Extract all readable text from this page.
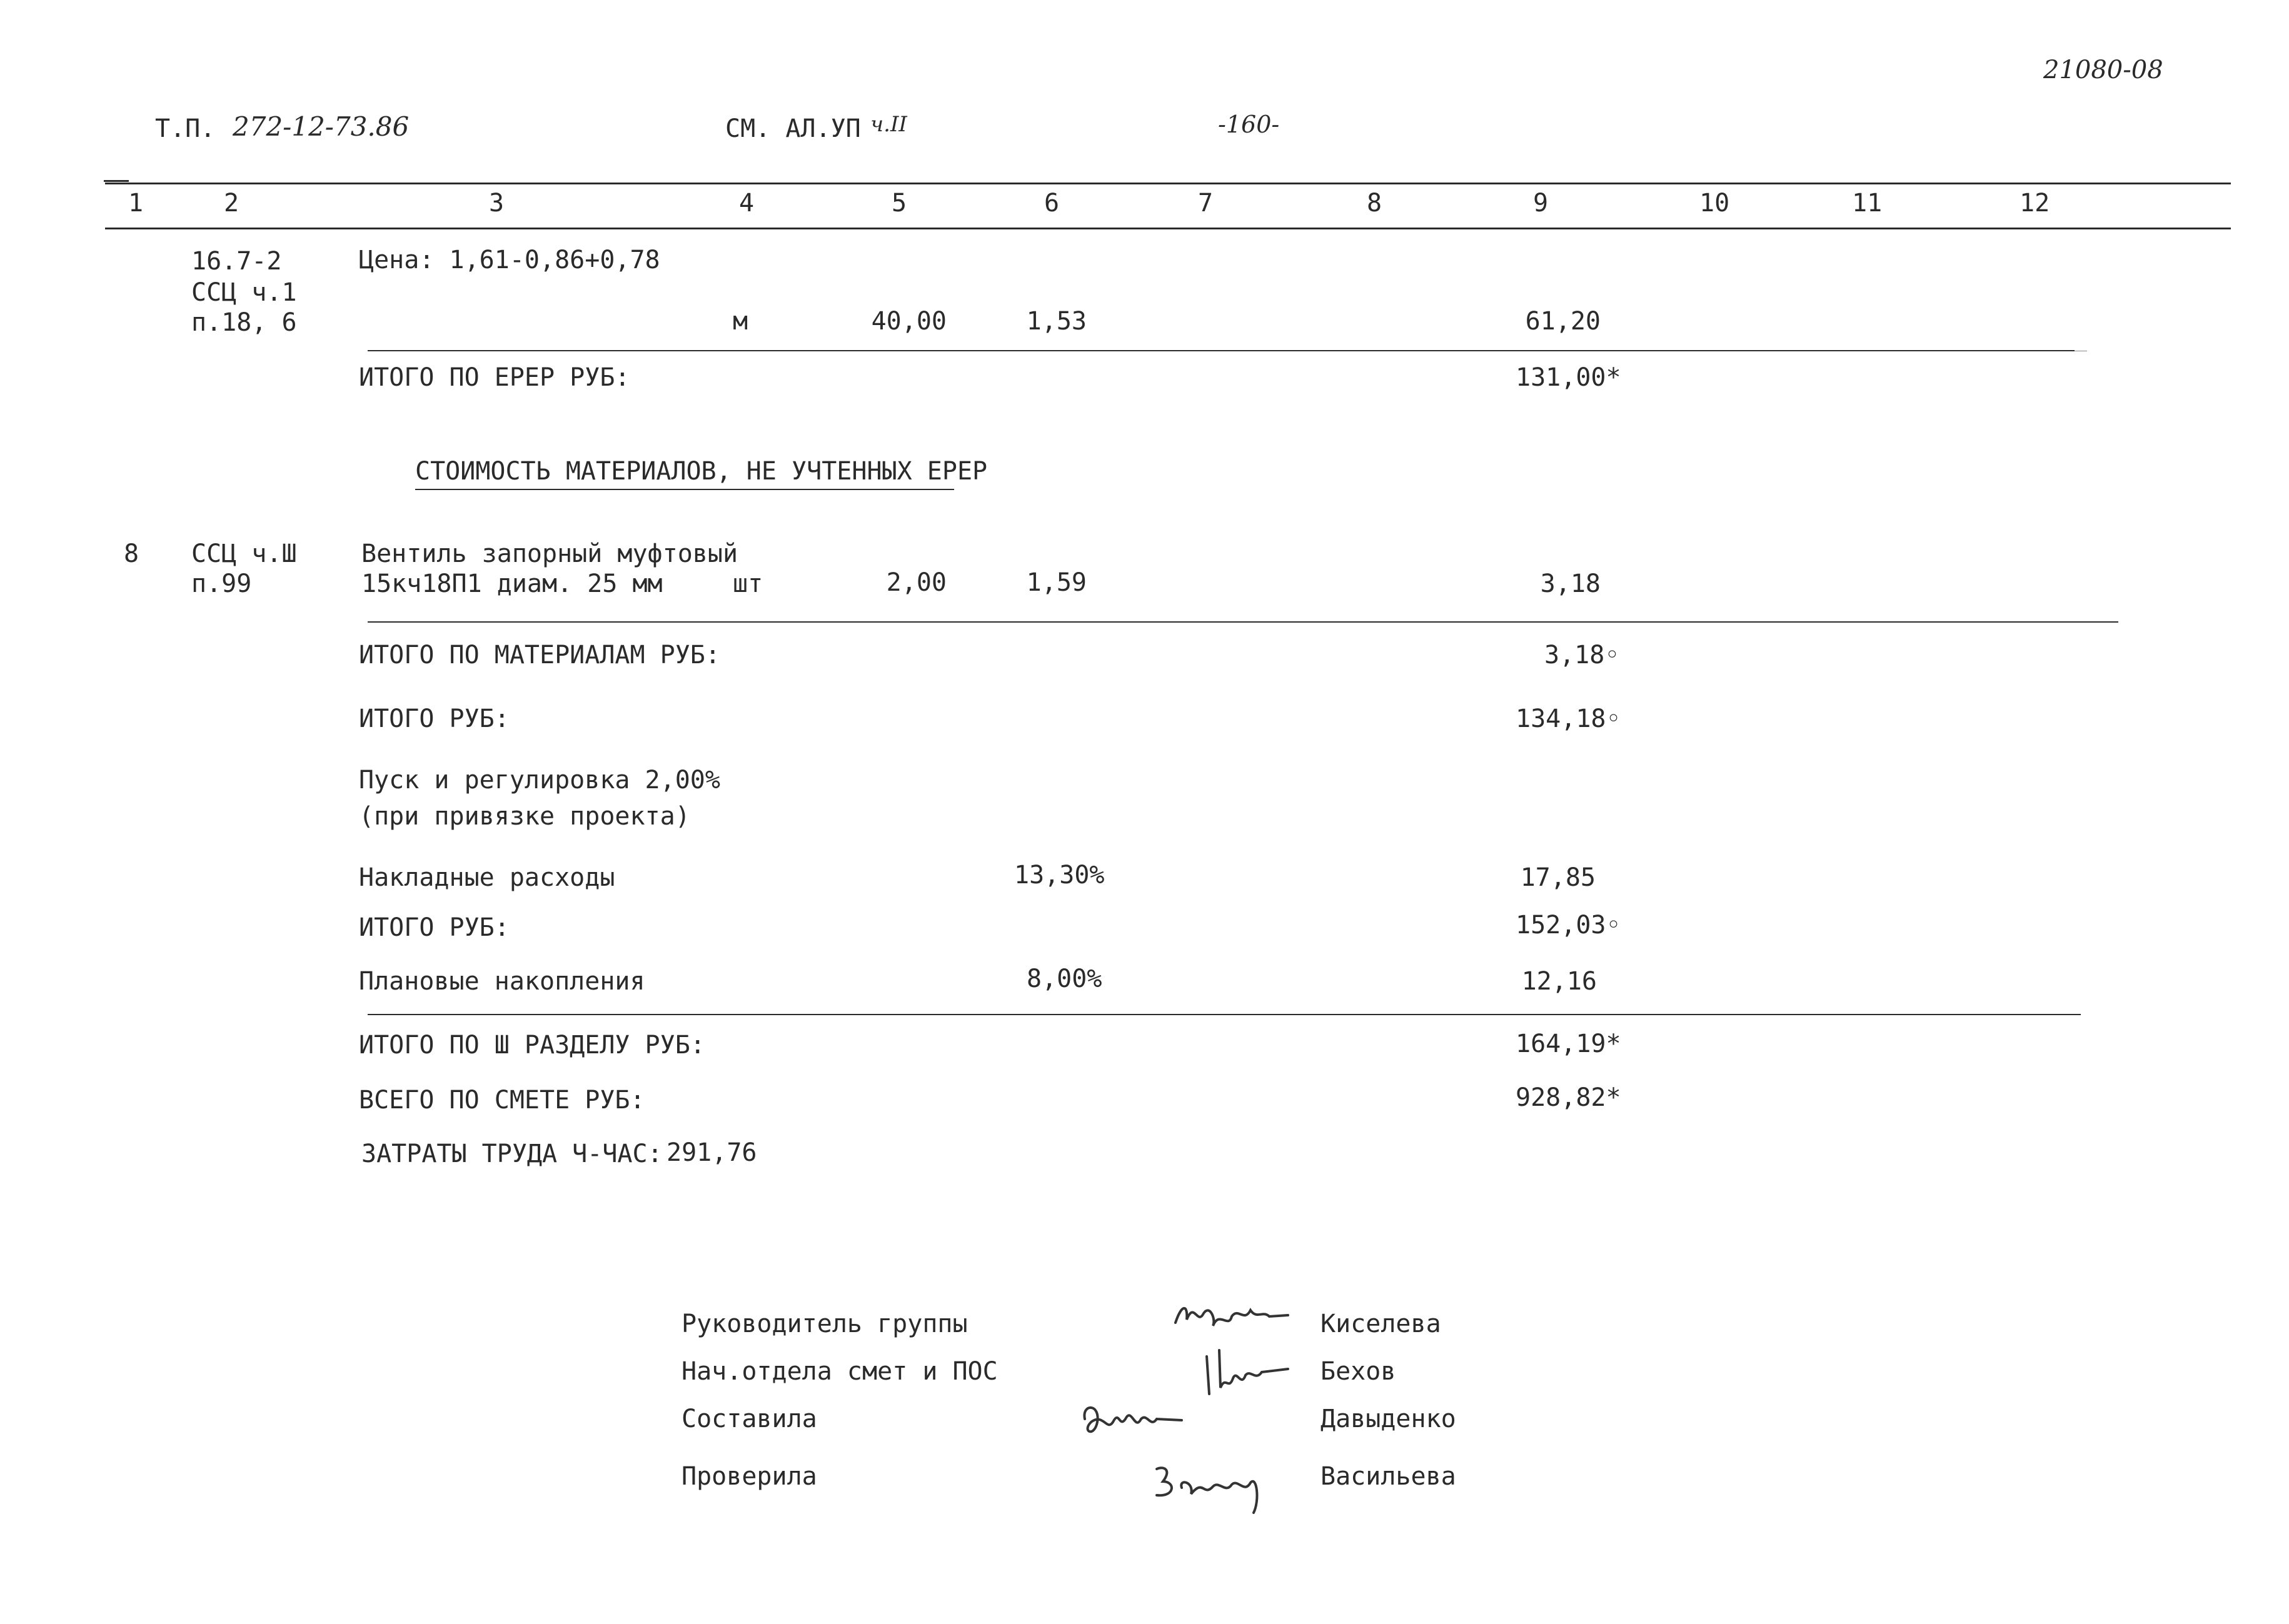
21080-08
Т.П. 272-12-73.86	СМ. АЛ.УП ч.II	-160-
1	2	3	4	5	6	7	8	9	10	11	12
16.7-2
ССЦ ч.1
п.18, 6
Цена: 1,61-0,86+0,78
м	40,00	1,53	61,20
ИТОГО ПО ЕРЕР РУБ:	131,00*
СТОИМОСТЬ МАТЕРИАЛОВ, НЕ УЧТЕННЫХ ЕРЕР
8 ССЦ ч.Ш
п.99
Вентиль запорный муфтовый
15кч18П1 диам. 25 мм	шт	2,00	1,59	3,18
ИТОГО ПО МАТЕРИАЛАМ РУБ:	3,18◦
ИТОГО РУБ:	134,18◦
Пуск и регулировка 2,00%
(при привязке проекта)
Накладные расходы	13,30%	17,85
ИТОГО РУБ:	152,03◦
Плановые накопления	8,00%	12,16
ИТОГО ПО Ш РАЗДЕЛУ РУБ:	164,19*
ВСЕГО ПО СМЕТЕ РУБ:	928,82*
ЗАТРАТЫ ТРУДА Ч-ЧАС: 291,76
Руководитель группы	Киселева
Нач.отдела смет и ПОС	Бехов
Составила	Давыденко
Проверила	Васильева
